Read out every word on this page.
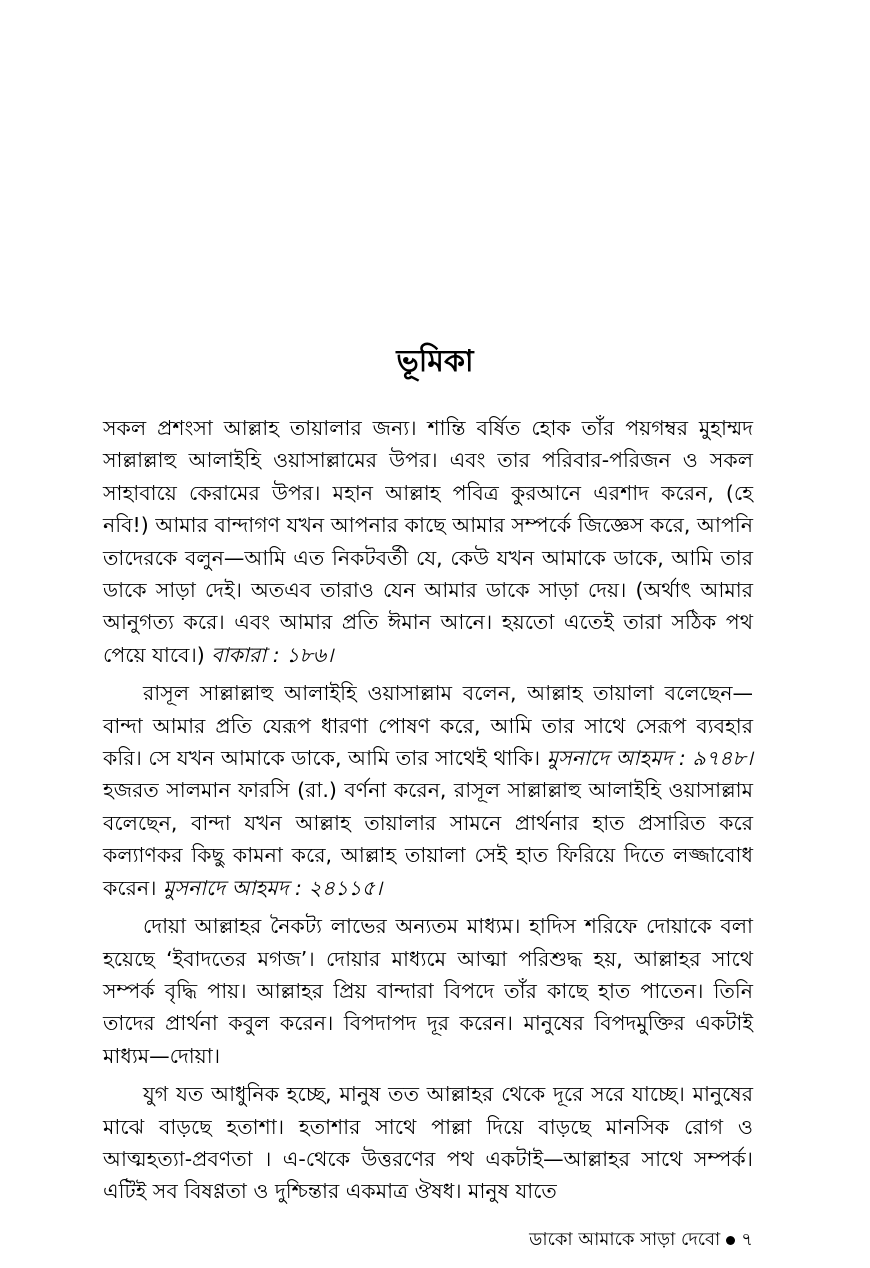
ভূমিকা

সকল প্রশংসা আল্লাহ তায়ালার জন্য। শান্তি বর্ষিত হোক তাঁর পয়গম্বর মুহাম্মদ সাল্লাল্লাহু আলাইহি ওয়াসাল্লামের উপর। এবং তার পরিবার-পরিজন ও সকল সাহাবায়ে কেরামের উপর। মহান আল্লাহ পবিত্র কুরআনে এরশাদ করেন, (হে নবি!) আমার বান্দাগণ যখন আপনার কাছে আমার সম্পর্কে জিজ্ঞেস করে, আপনি তাদেরকে বলুন—আমি এত নিকটবর্তী যে, কেউ যখন আমাকে ডাকে, আমি তার ডাকে সাড়া দেই। অতএব তারাও যেন আমার ডাকে সাড়া দেয়। (অর্থাৎ আমার আনুগত্য করে। এবং আমার প্রতি ঈমান আনে। হয়তো এতেই তারা সঠিক পথ পেয়ে যাবে।) বাকারা : ১৮৬।

রাসূল সাল্লাল্লাহু আলাইহি ওয়াসাল্লাম বলেন, আল্লাহ তায়ালা বলেছেন—বান্দা আমার প্রতি যেরূপ ধারণা পোষণ করে, আমি তার সাথে সেরূপ ব্যবহার করি। সে যখন আমাকে ডাকে, আমি তার সাথেই থাকি। মুসনাদে আহমদ : ৯৭৪৮। হজরত সালমান ফারসি (রা.) বর্ণনা করেন, রাসূল সাল্লাল্লাহু আলাইহি ওয়াসাল্লাম বলেছেন, বান্দা যখন আল্লাহ তায়ালার সামনে প্রার্থনার হাত প্রসারিত করে কল্যাণকর কিছু কামনা করে, আল্লাহ তায়ালা সেই হাত ফিরিয়ে দিতে লজ্জাবোধ করেন। মুসনাদে আহমদ : ২৪১১৫।

দোয়া আল্লাহর নৈকট্য লাভের অন্যতম মাধ্যম। হাদিস শরিফে দোয়াকে বলা হয়েছে ‘ইবাদতের মগজ’। দোয়ার মাধ্যমে আত্মা পরিশুদ্ধ হয়, আল্লাহর সাথে সম্পর্ক বৃদ্ধি পায়। আল্লাহর প্রিয় বান্দারা বিপদে তাঁর কাছে হাত পাতেন। তিনি তাদের প্রার্থনা কবুল করেন। বিপদাপদ দূর করেন। মানুষের বিপদমুক্তির একটাই মাধ্যম—দোয়া।

যুগ যত আধুনিক হচ্ছে, মানুষ তত আল্লাহর থেকে দূরে সরে যাচ্ছে। মানুষের মাঝে বাড়ছে হতাশা। হতাশার সাথে পাল্লা দিয়ে বাড়ছে মানসিক রোগ ও আত্মহত্যা-প্রবণতা । এ-থেকে উত্তরণের পথ একটাই—আল্লাহর সাথে সম্পর্ক। এটিই সব বিষণ্ণতা ও দুশ্চিন্তার একমাত্র ঔষধ। মানুষ যাতে

ডাকো আমাকে সাড়া দেবো ৭
